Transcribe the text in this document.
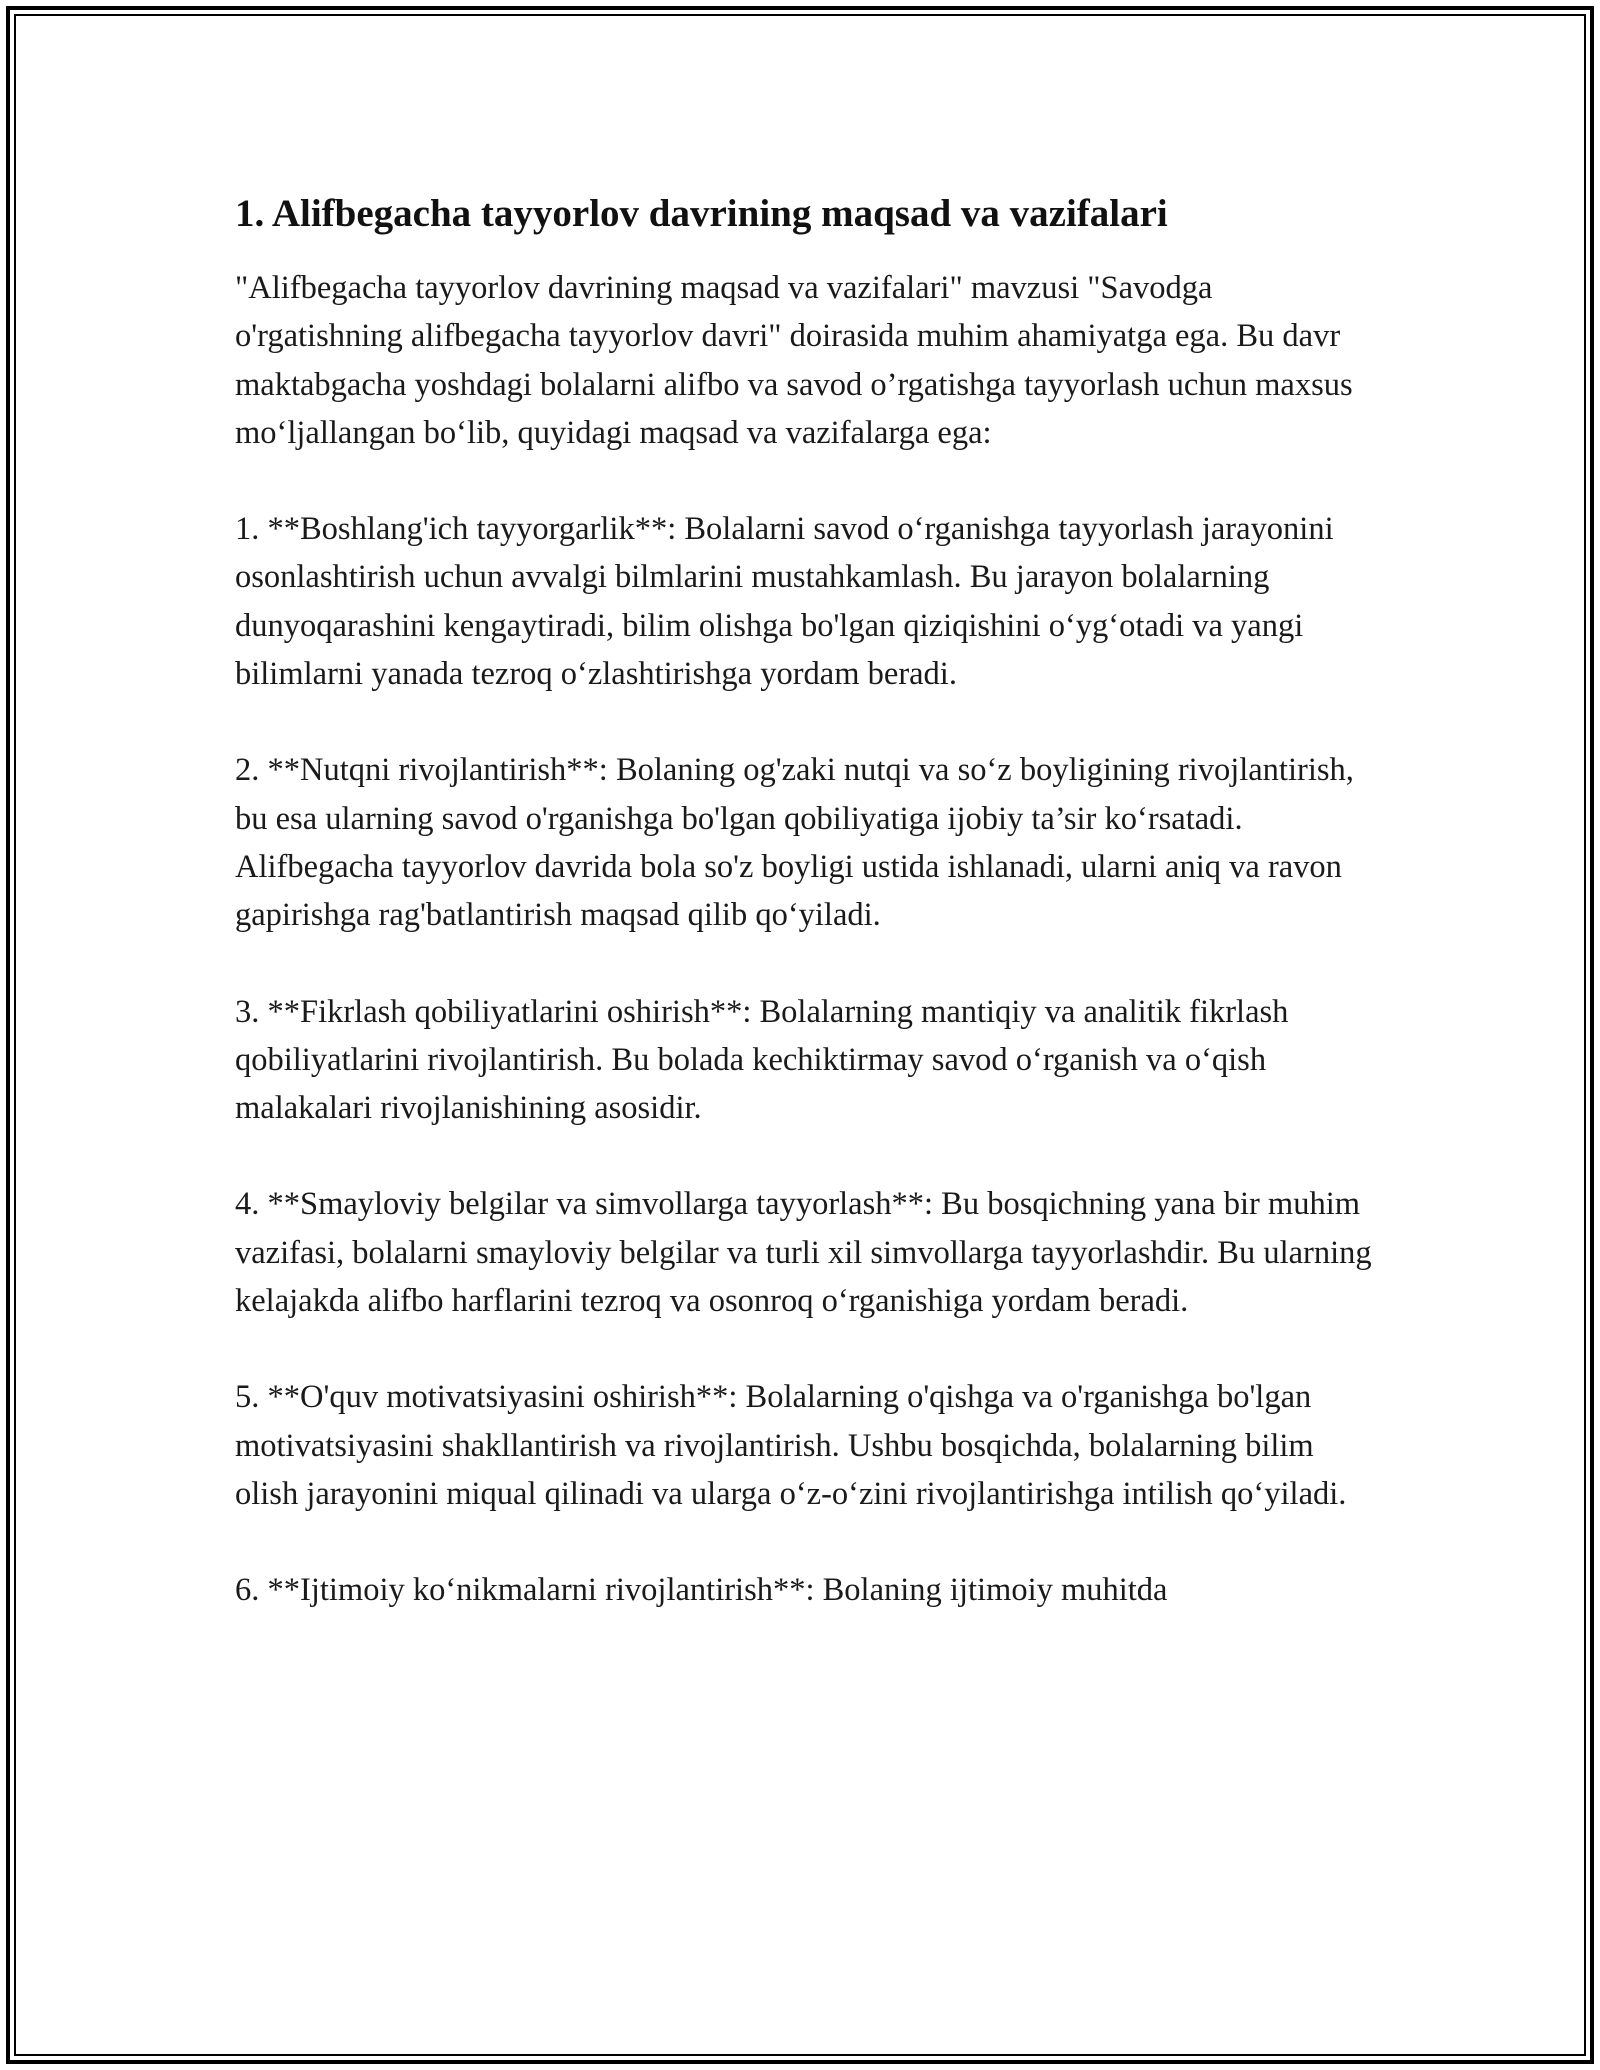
1. Alifbegacha tayyorlov davrining maqsad va vazifalari

"Alifbegacha tayyorlov davrining maqsad va vazifalari" mavzusi "Savodga o'rgatishning alifbegacha tayyorlov davri" doirasida muhim ahamiyatga ega. Bu davr maktabgacha yoshdagi bolalarni alifbo va savod o’rgatishga tayyorlash uchun maxsus mo‘ljallangan bo‘lib, quyidagi maqsad va vazifalarga ega:

1. **Boshlang'ich tayyorgarlik**: Bolalarni savod o‘rganishga tayyorlash jarayonini osonlashtirish uchun avvalgi bilmlarini mustahkamlash. Bu jarayon bolalarning dunyoqarashini kengaytiradi, bilim olishga bo'lgan qiziqishini o‘yg‘otadi va yangi bilimlarni yanada tezroq o‘zlashtirishga yordam beradi.

2. **Nutqni rivojlantirish**: Bolaning og'zaki nutqi va so‘z boyligining rivojlantirish, bu esa ularning savod o'rganishga bo'lgan qobiliyatiga ijobiy ta’sir ko‘rsatadi. Alifbegacha tayyorlov davrida bola so'z boyligi ustida ishlanadi, ularni aniq va ravon gapirishga rag'batlantirish maqsad qilib qo‘yiladi.

3. **Fikrlash qobiliyatlarini oshirish**: Bolalarning mantiqiy va analitik fikrlash qobiliyatlarini rivojlantirish. Bu bolada kechiktirmay savod o‘rganish va o‘qish malakalari rivojlanishining asosidir.

4. **Smayloviy belgilar va simvollarga tayyorlash**: Bu bosqichning yana bir muhim vazifasi, bolalarni smayloviy belgilar va turli xil simvollarga tayyorlashdir. Bu ularning kelajakda alifbo harflarini tezroq va osonroq o‘rganishiga yordam beradi.

5. **O'quv motivatsiyasini oshirish**: Bolalarning o'qishga va o'rganishga bo'lgan motivatsiyasini shakllantirish va rivojlantirish. Ushbu bosqichda, bolalarning bilim olish jarayonini miqual qilinadi va ularga o‘z-o‘zini rivojlantirishga intilish qo‘yiladi.

6. **Ijtimoiy ko‘nikmalarni rivojlantirish**: Bolaning ijtimoiy muhitda
